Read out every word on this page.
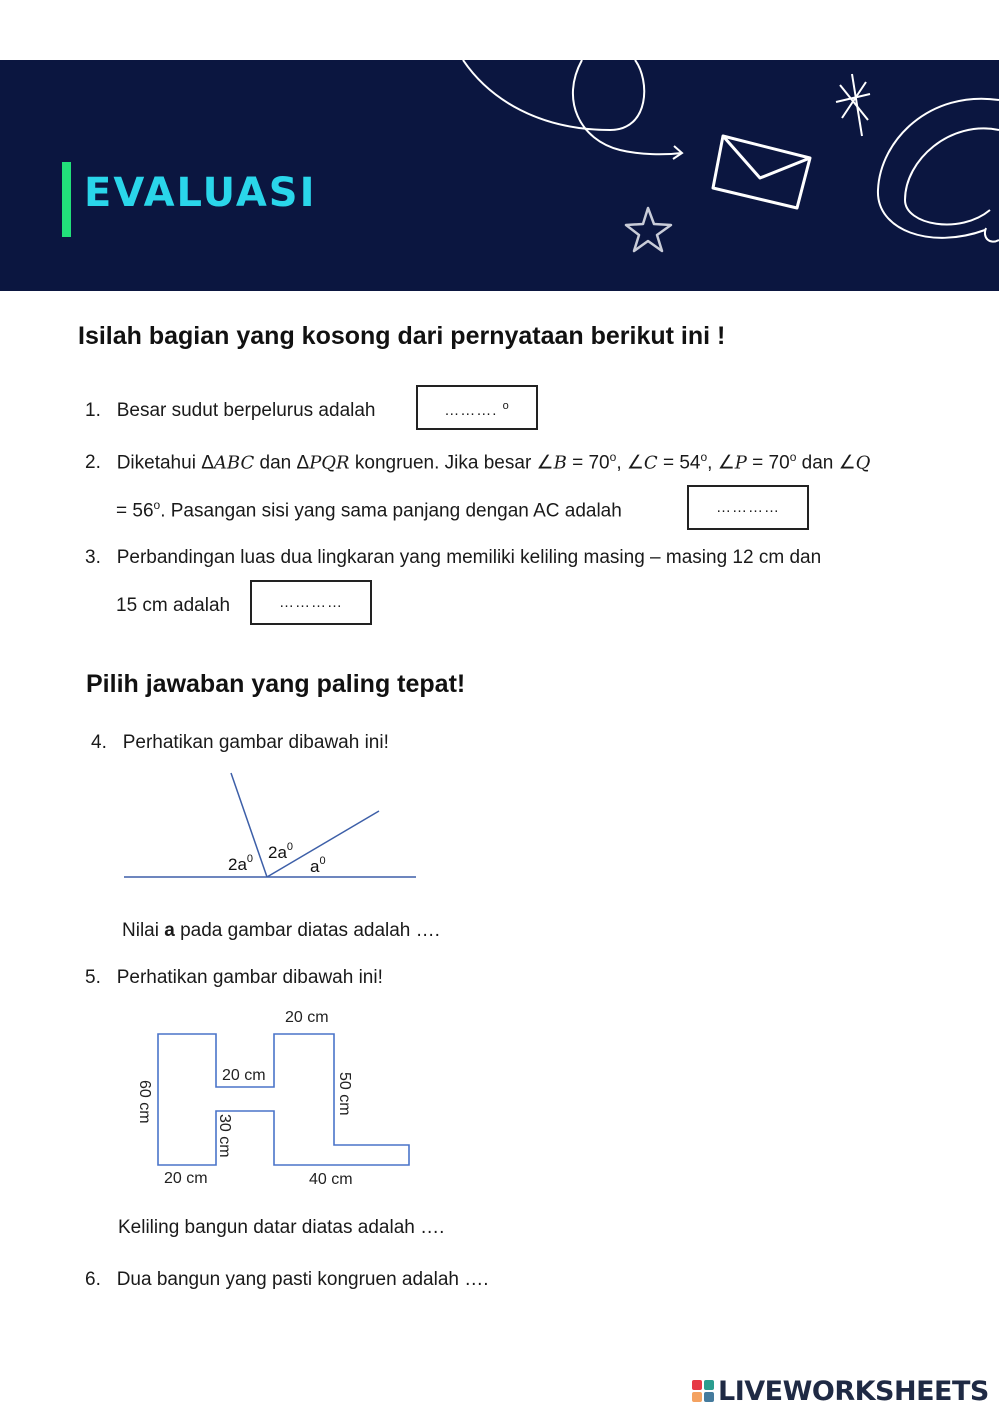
EVALUASI
Isilah bagian yang kosong dari pernyataan berikut ini !
1. Besar sudut berpelurus adalah	………. $^o$
2. Diketahui ΔABC dan ΔPQR kongruen. Jika besar ∠B = $70^o$, ∠C = $54^o$, ∠P = $70^o$ dan ∠Q
= $56^o$. Pasangan sisi yang sama panjang dengan AC adalah	…………
3. Perbandingan luas dua lingkaran yang memiliki keliling masing – masing 12 cm dan
15 cm adalah	…………
Pilih jawaban yang paling tepat!
4. Perhatikan gambar dibawah ini!
$2a^0$ $2a^0$
$a^0$
Nilai a pada gambar diatas adalah ….
5. Perhatikan gambar dibawah ini!
20 cm
20 cm
60 cm
30 cm
50 cm
20 cm	40 cm
Keliling bangun datar diatas adalah ….
6. Dua bangun yang pasti kongruen adalah ….
LIVEWORKSHEETS
